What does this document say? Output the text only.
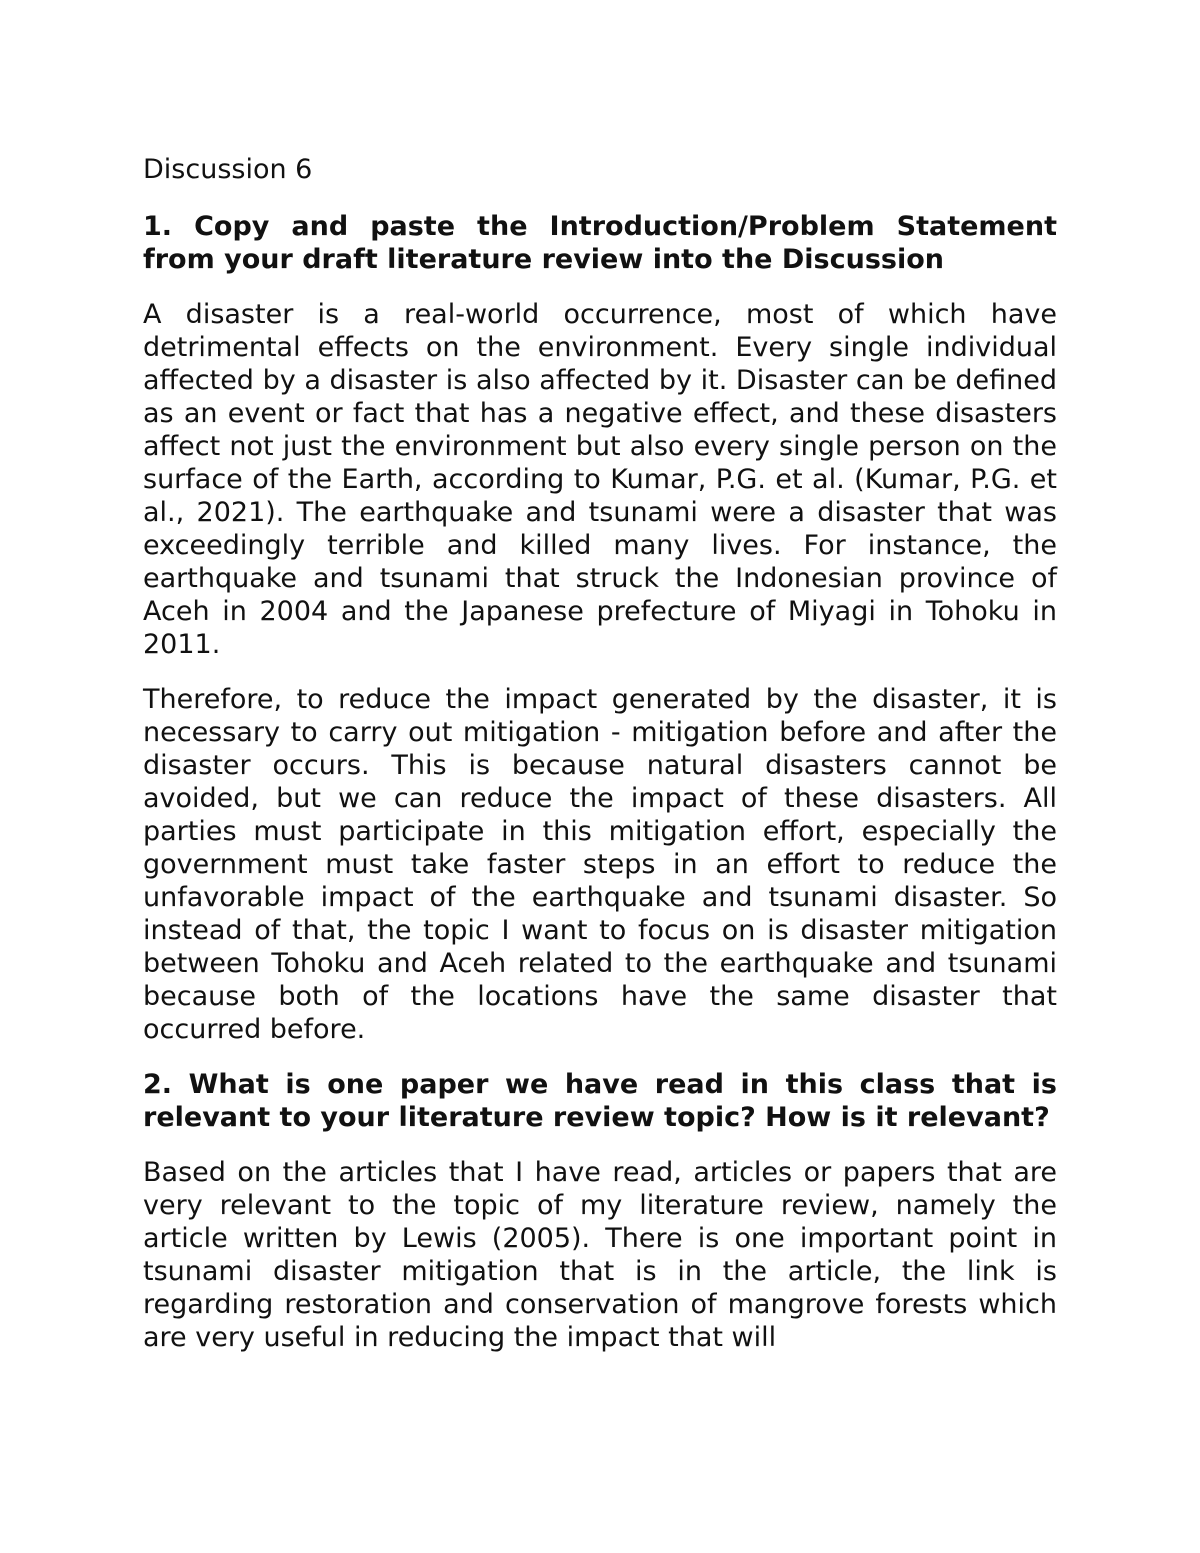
Discussion 6
1. Copy and paste the Introduction/Problem Statement from your draft literature review into the Discussion

A disaster is a real-world occurrence, most of which have detrimental effects on the environment. Every single individual affected by a disaster is also affected by it. Disaster can be defined as an event or fact that has a negative effect, and these disasters affect not just the environment but also every single person on the surface of the Earth, according to Kumar, P.G. et al. (Kumar, P.G. et al., 2021). The earthquake and tsunami were a disaster that was exceedingly terrible and killed many lives. For instance, the earthquake and tsunami that struck the Indonesian province of Aceh in 2004 and the Japanese prefecture of Miyagi in Tohoku in 2011.

Therefore, to reduce the impact generated by the disaster, it is necessary to carry out mitigation - mitigation before and after the disaster occurs. This is because natural disasters cannot be avoided, but we can reduce the impact of these disasters. All parties must participate in this mitigation effort, especially the government must take faster steps in an effort to reduce the unfavorable impact of the earthquake and tsunami disaster. So instead of that, the topic I want to focus on is disaster mitigation between Tohoku and Aceh related to the earthquake and tsunami because both of the locations have the same disaster that occurred before.

2. What is one paper we have read in this class that is relevant to your literature review topic? How is it relevant?

Based on the articles that I have read, articles or papers that are very relevant to the topic of my literature review, namely the article written by Lewis (2005). There is one important point in tsunami disaster mitigation that is in the article, the link is regarding restoration and conservation of mangrove forests which are very useful in reducing the impact that will
